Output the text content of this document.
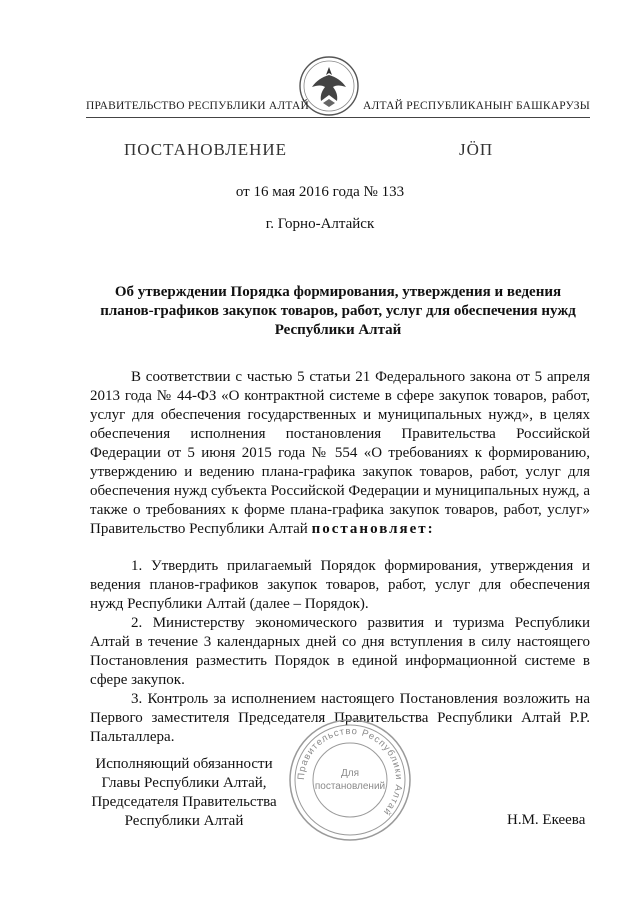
ПРАВИТЕЛЬСТВО РЕСПУБЛИКИ АЛТАЙ	АЛТАЙ РЕСПУБЛИКАНЫҤ БАШКАРУЗЫ
ПОСТАНОВЛЕНИЕ	JӦП
от 16 мая 2016 года № 133
г. Горно-Алтайск
Об утверждении Порядка формирования, утверждения и ведения планов-графиков закупок товаров, работ, услуг для обеспечения нужд Республики Алтай

В соответствии с частью 5 статьи 21 Федерального закона от 5 апреля 2013 года № 44-ФЗ «О контрактной системе в сфере закупок товаров, работ, услуг для обеспечения государственных и муниципальных нужд», в целях обеспечения исполнения постановления Правительства Российской Федерации от 5 июня 2015 года № 554 «О требованиях к формированию, утверждению и ведению плана-графика закупок товаров, работ, услуг для обеспечения нужд субъекта Российской Федерации и муниципальных нужд, а также о требованиях к форме плана-графика закупок товаров, работ, услуг» Правительство Республики Алтай постановляет:

1. Утвердить прилагаемый Порядок формирования, утверждения и ведения планов-графиков закупок товаров, работ, услуг для обеспечения нужд Республики Алтай (далее – Порядок).

2. Министерству экономического развития и туризма Республики Алтай в течение 3 календарных дней со дня вступления в силу настоящего Постановления разместить Порядок в единой информационной системе в сфере закупок.

3. Контроль за исполнением настоящего Постановления возложить на Первого заместителя Председателя Правительства Республики Алтай Р.Р. Пальталлера.

Исполняющий обязанности
Главы Республики Алтай,
Председателя Правительства
Республики Алтай	Н.М. Екеева
Правительство Республики Алтай
Для
постановлений
